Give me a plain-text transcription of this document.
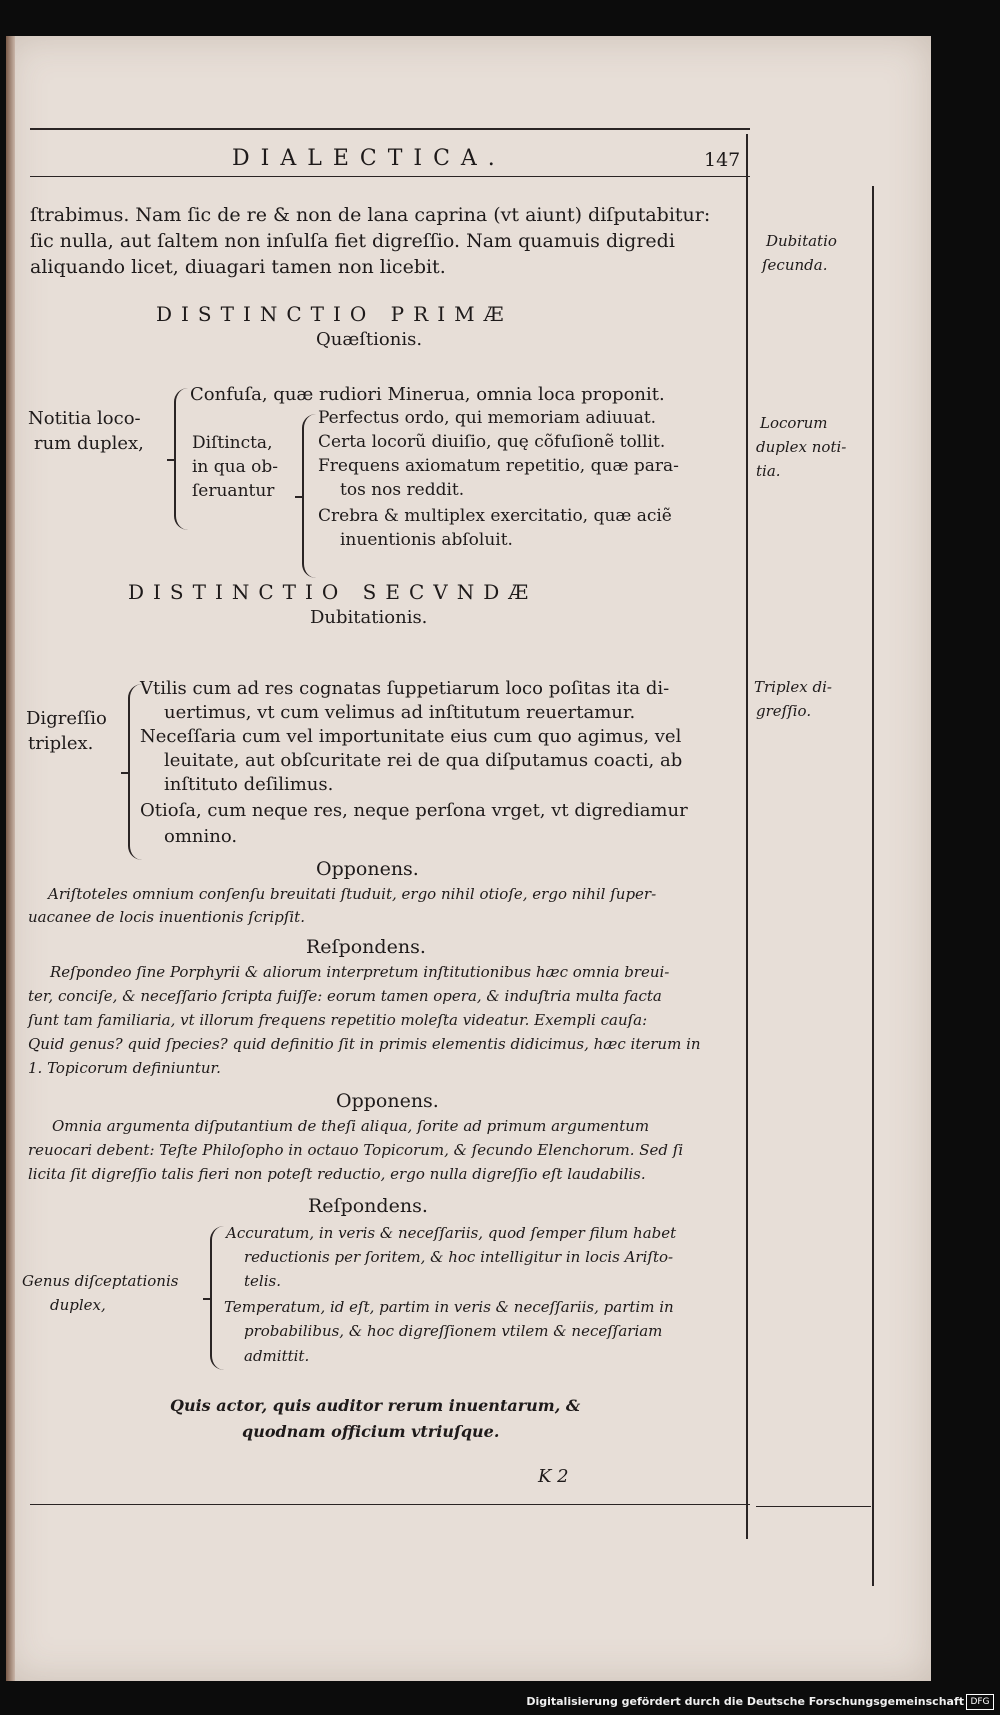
DIALECTICA.	147
ſtrabimus. Nam ſic de re & non de lana caprina (vt aiunt) diſputabitur:
ſic nulla, aut ſaltem non inſulſa fiet digreſſio. Nam quamuis digredi
aliquando licet, diuagari tamen non licebit.
DISTINCTIO PRIMÆ
Quæſtionis.
Notitia loco-
rum duplex,
Confuſa, quæ rudiori Minerua, omnia loca proponit.
Diſtincta,
in qua ob-
ſeruantur
Perfectus ordo, qui memoriam adiuuat.
Certa locorũ diuiſio, quę cõfuſionẽ tollit.
Frequens axiomatum repetitio, quæ para-
tos nos reddit.
Crebra & multiplex exercitatio, quæ aciẽ
inuentionis abſoluit.
DISTINCTIO SECVNDÆ
Dubitationis.
Digreſſio
triplex.
Vtilis cum ad res cognatas ſuppetiarum loco poſitas ita di-
uertimus, vt cum velimus ad inſtitutum reuertamur.
Neceſſaria cum vel importunitate eius cum quo agimus, vel
leuitate, aut obſcuritate rei de qua diſputamus coacti, ab
inſtituto deſilimus.
Otioſa, cum neque res, neque perſona vrget, vt digrediamur
omnino.
Opponens.
Ariſtoteles omnium conſenſu breuitati ſtuduit, ergo nihil otioſe, ergo nihil ſuper-
uacanee de locis inuentionis ſcripſit.
Reſpondens.
Reſpondeo ſine Porphyrii & aliorum interpretum inſtitutionibus hæc omnia breui-
ter, conciſe, & neceſſario ſcripta fuiſſe: eorum tamen opera, & induſtria multa facta
ſunt tam familiaria, vt illorum frequens repetitio moleſta videatur. Exempli cauſa:
Quid genus? quid ſpecies? quid definitio ſit in primis elementis didicimus, hæc iterum in
1. Topicorum definiuntur.
Opponens.
Omnia argumenta diſputantium de theſi aliqua, ſorite ad primum argumentum
reuocari debent: Teſte Philoſopho in octauo Topicorum, & ſecundo Elenchorum. Sed ſi
licita ſit digreſſio talis fieri non poteſt reductio, ergo nulla digreſſio eſt laudabilis.
Reſpondens.
Genus diſceptationis
duplex,
Accuratum, in veris & neceſſariis, quod ſemper filum habet
reductionis per ſoritem, & hoc intelligitur in locis Ariſto-
telis.
Temperatum, id eſt, partim in veris & neceſſariis, partim in
probabilibus, & hoc digreſſionem vtilem & neceſſariam
admittit.
Quis actor, quis auditor rerum inuentarum, &
quodnam officium vtriuſque.
K 2
Dubitatio
ſecunda.
Locorum
duplex noti-
tia.
Triplex di-
greſſio.
Digitalisierung gefördert durch die Deutsche Forschungsgemeinschaft DFG
